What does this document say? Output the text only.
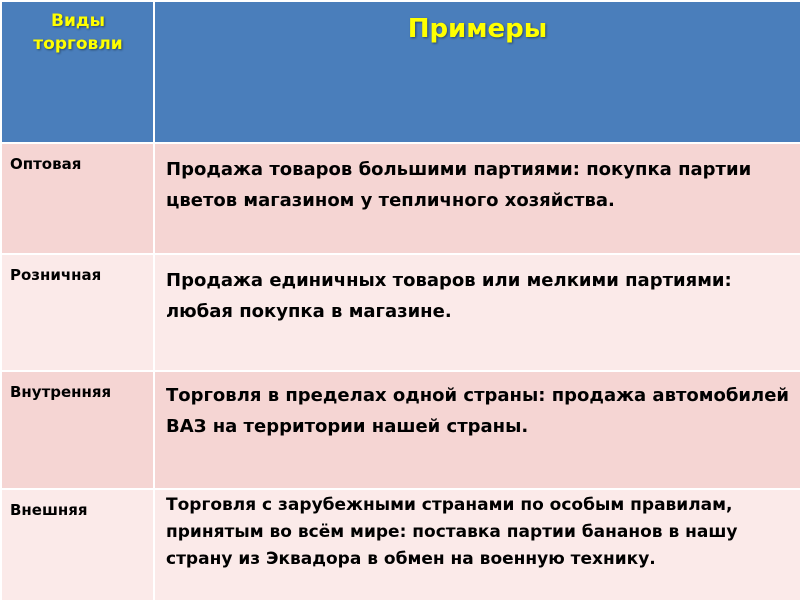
Виды торговли	Примеры

Оптовая	Продажа товаров большими партиями: покупка партии цветов магазином у тепличного хозяйства.

Розничная	Продажа единичных товаров или мелкими партиями: любая покупка в магазине.

Внутренняя	Торговля в пределах одной страны: продажа автомобилей ВАЗ на территории нашей страны.

Внешняя	Торговля с зарубежными странами по особым правилам, принятым во всём мире: поставка партии бананов в нашу страну из Эквадора в обмен на военную технику.
